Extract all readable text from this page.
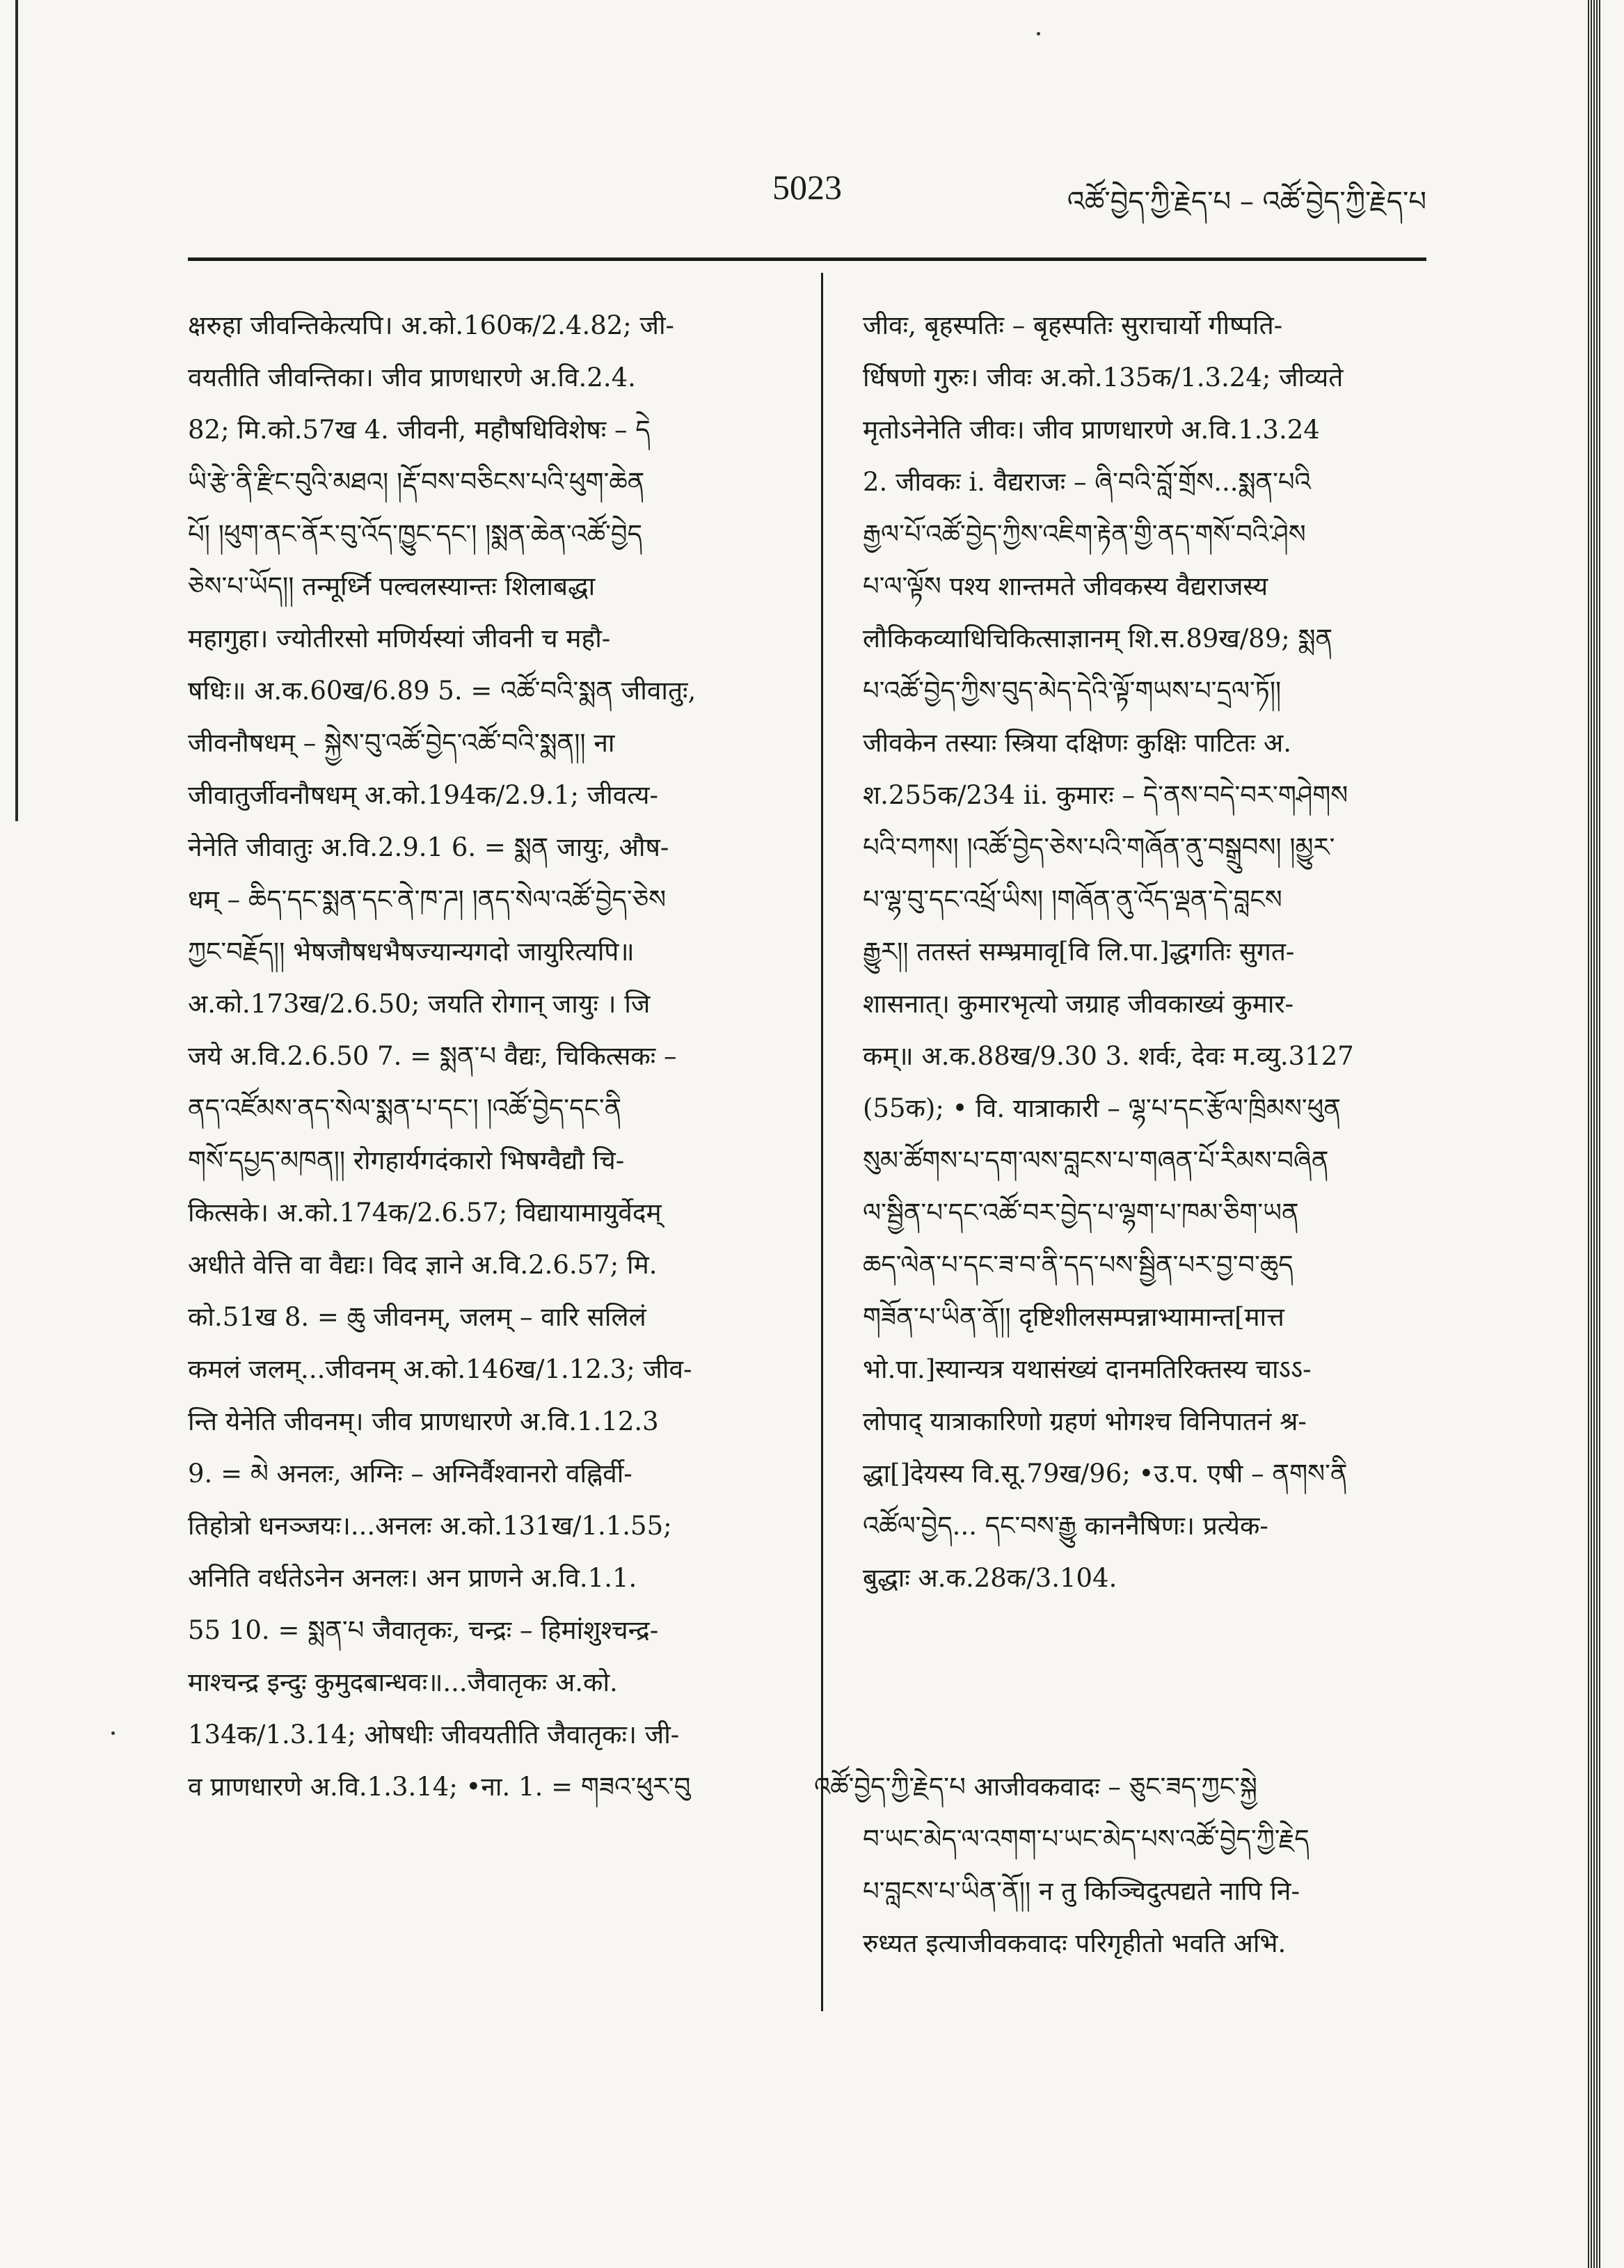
5023	འཚོ་བྱེད་ཀྱི་རྗེད་པ – འཚོ་བྱེད་ཀྱི་རྗེད་པ
क्षरुहा जीवन्तिकेत्यपि। अ.को.160क/2.4.82; जी-
वयतीति जीवन्तिका। जीव प्राणधारणे अ.वि.2.4.
82; मि.को.57ख 4. जीवनी, महौषधिविशेषः – དེ
ཡི་རྩེ་ནི་རྫིང་བུའི་མཐའ། །རྡོ་བས་བཅིངས་པའི་ཕུག་ཆེན
པོ། །ཕུག་ནང་ནོར་བུ་འོད་ཁྱུང་དང་། །སྨན་ཆེན་འཚོ་བྱེད
ཅེས་པ་ཡོད།། तन्मूर्ध्नि पल्वलस्यान्तः शिलाबद्धा
महागुहा। ज्योतीरसो मणिर्यस्यां जीवनी च महौ-
षधिः॥ अ.क.60ख/6.89 5. = འཚོ་བའི་སྨན जीवातुः,
जीवनौषधम् – སྐྱེས་བུ་འཚོ་བྱེད་འཚོ་བའི་སྨན།། ना
जीवातुर्जीवनौषधम् अ.को.194क/2.9.1; जीवत्य-
नेनेति जीवातुः अ.वि.2.9.1 6. = སྨན जायुः, औष-
धम् – ཆིད་དང་སྨན་དང་ནེ་ཁ་ཌ། །ནད་སེལ་འཚོ་བྱེད་ཅེས
ཀྱང་བརྗོད།། भेषजौषधभैषज्यान्यगदो जायुरित्यपि॥
अ.को.173ख/2.6.50; जयति रोगान् जायुः । जि
जये अ.वि.2.6.50 7. = སྨན་པ वैद्यः, चिकित्सकः –
ནད་འཛོམས་ནད་སེལ་སྨན་པ་དང་། །འཚོ་བྱེད་དང་ནི
གསོ་དཔྱད་མཁན།། रोगहार्यगदंकारो भिषग्वैद्यौ चि-
कित्सके। अ.को.174क/2.6.57; विद्यायामायुर्वेदम्
अधीते वेत्ति वा वैद्यः। विद ज्ञाने अ.वि.2.6.57; मि.
को.51ख 8. = ཆུ जीवनम्, जलम् – वारि सलिलं
कमलं जलम्...जीवनम् अ.को.146ख/1.12.3; जीव-
न्ति येनेति जीवनम्। जीव प्राणधारणे अ.वि.1.12.3
9. = མེ अनलः, अग्निः – अग्निर्वैश्वानरो वह्निर्वी-
तिहोत्रो धनञ्जयः।...अनलः अ.को.131ख/1.1.55;
अनिति वर्धतेऽनेन अनलः। अन प्राणने अ.वि.1.1.
55 10. = སྨན་པ जैवातृकः, चन्द्रः – हिमांशुश्चन्द्र-
माश्चन्द्र इन्दुः कुमुदबान्धवः॥...जैवातृकः अ.को.
134क/1.3.14; ओषधीः जीवयतीति जैवातृकः। जी-
व प्राणधारणे अ.वि.1.3.14; •ना. 1. = གཟའ་ཕུར་བུ
जीवः, बृहस्पतिः – बृहस्पतिः सुराचार्यो गीष्पति-
र्धिषणो गुरुः। जीवः अ.को.135क/1.3.24; जीव्यते
मृतोऽनेनेति जीवः। जीव प्राणधारणे अ.वि.1.3.24
2. जीवकः i. वैद्यराजः – ཞི་བའི་བློ་གྲོས...སྨན་པའི
རྒྱལ་པོ་འཚོ་བྱེད་ཀྱིས་འཇིག་རྟེན་གྱི་ནད་གསོ་བའི་ཤེས
པ་ལ་ལྟོས पश्य शान्तमते जीवकस्य वैद्यराजस्य
लौकिकव्याधिचिकित्साज्ञानम् शि.स.89ख/89; སྨན
པ་འཚོ་བྱེད་ཀྱིས་བུད་མེད་དེའི་ལྟོ་གཡས་པ་དྲལ་ཏོ།།
जीवकेन तस्याः स्त्रिया दक्षिणः कुक्षिः पाटितः अ.
श.255क/234 ii. कुमारः – དེ་ནས་བདེ་བར་གཤེགས
པའི་བཀས། །འཚོ་བྱེད་ཅེས་པའི་གཞོན་ནུ་བསྒྲུབས། །མྱུར་
པ་ལྷ་བུ་དང་འཕྲོ་ཡིས། །གཞོན་ནུ་འོད་ལྡན་དེ་བླངས
རྒྱུར།། ततस्तं सम्भ्रमावृ[वि लि.पा.]द्धगतिः सुगत-
शासनात्। कुमारभृत्यो जग्राह जीवकाख्यं कुमार-
कम्॥ अ.क.88ख/9.30 3. शर्वः, देवः म.व्यु.3127
(55क); • वि. यात्राकारी – ལྷ་པ་དང་རྩོལ་ཁྲིམས་ཕུན
སུམ་ཚོགས་པ་དག་ལས་བླངས་པ་གཞན་པོ་རིམས་བཞིན
ལ་སྦྱིན་པ་དང་འཚོ་བར་བྱེད་པ་ལྷག་པ་ཁམ་ཅིག་ཡན
ཆད་ལེན་པ་དང་ཟ་བ་ནི་དད་པས་སྦྱིན་པར་བྱ་བ་ཆུད
གཟོན་པ་ཡིན་ནོ།། दृष्टिशीलसम्पन्नाभ्यामान्त[मात्त
भो.पा.]स्यान्यत्र यथासंख्यं दानमतिरिक्तस्य चाऽऽ-
लोपाद् यात्राकारिणो ग्रहणं भोगश्च विनिपातनं श्र-
द्धा[]देयस्य वि.सू.79ख/96; •उ.प. एषी – ནགས་ནི
འཚོལ་བྱེད... དང་བས་རྒྱུ काननैषिणः। प्रत्येक-
बुद्धाः अ.क.28क/3.104.
འཚོ་བྱེད་ཀྱི་རྗེད་པ आजीवकवादः – ཅུང་ཟད་ཀྱང་སྐྱེ
བ་ཡང་མེད་ལ་འགག་པ་ཡང་མེད་པས་འཚོ་བྱེད་ཀྱི་རྗེད
པ་བླངས་པ་ཡིན་ནོ།། न तु किञ्चिदुत्पद्यते नापि नि-
रुध्यत इत्याजीवकवादः परिगृहीतो भवति अभि.
